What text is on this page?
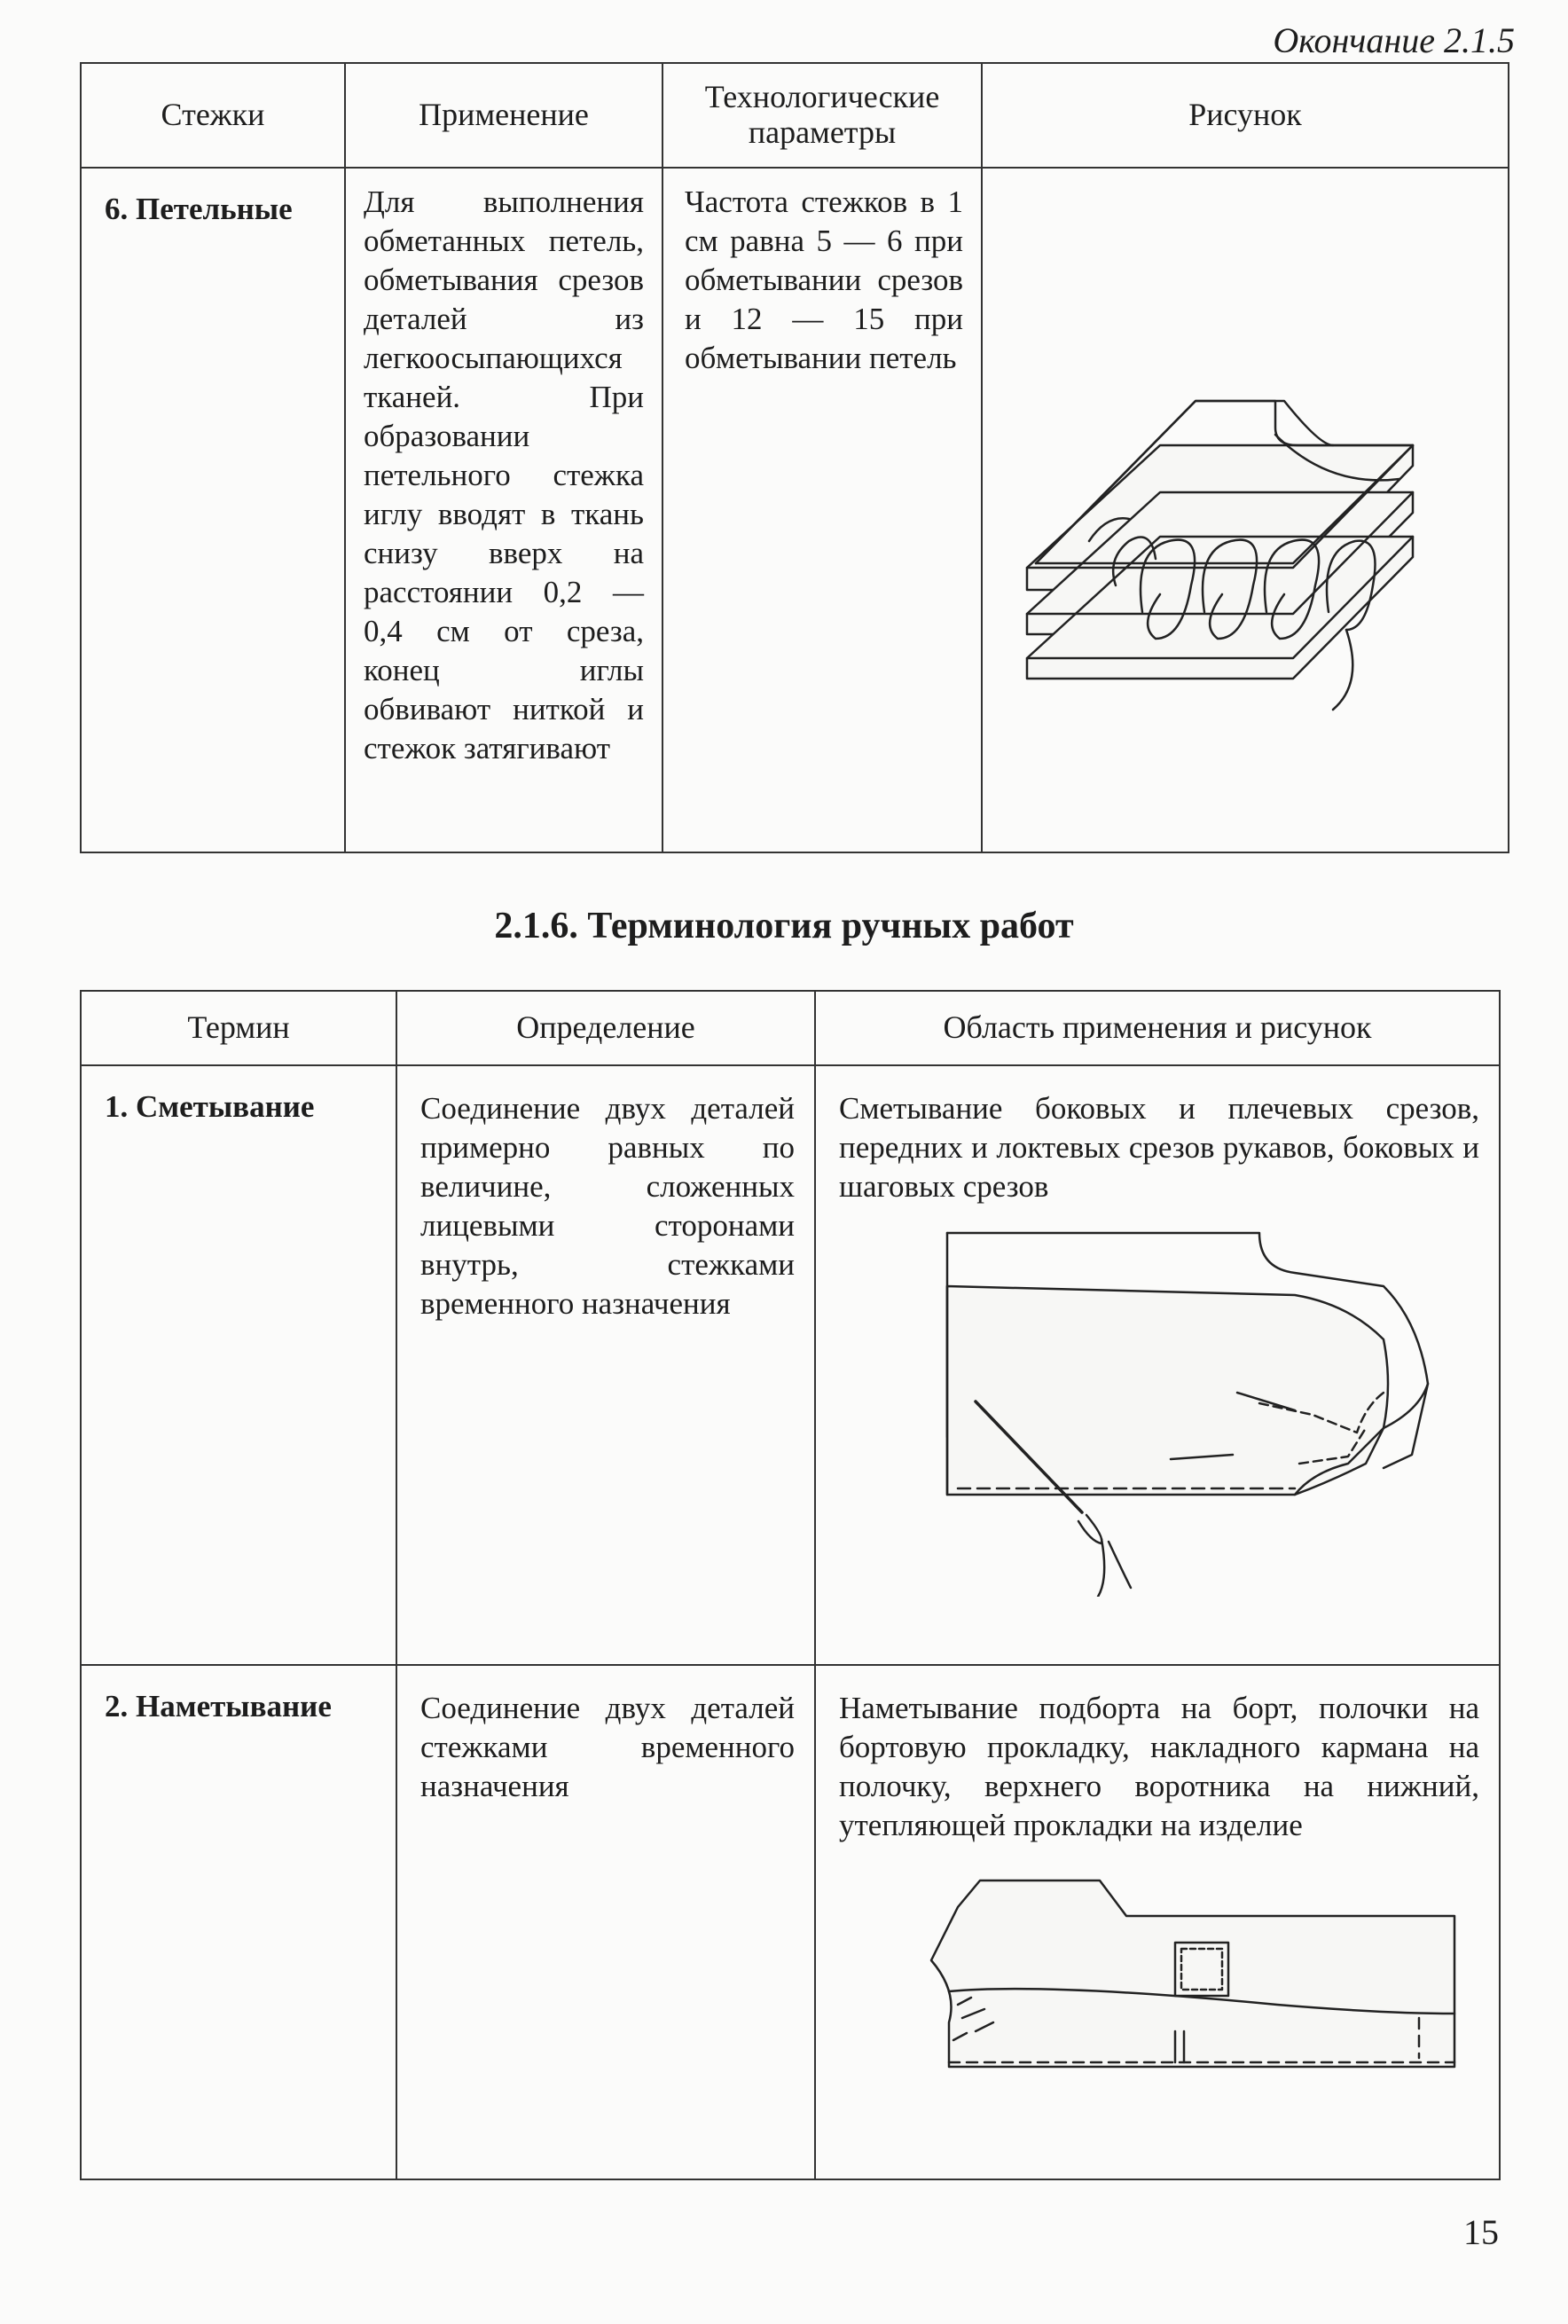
Окончание 2.1.5
Стежки	Применение	Технологические параметры	Рисунок

6. Петельные	Для выполнения обметанных петель, обметывания срезов деталей из легкоосыпающихся тканей. При образовании петельного стежка иглу вводят в ткань снизу вверх на расстоянии 0,2 — 0,4 см от среза, конец иглы обвивают ниткой и стежок затягивают	Частота стежков в 1 см равна 5 — 6 при обметывании срезов и 12 — 15 при обметывании петель

2.1.6. Терминология ручных работ
Термин	Определение	Область применения и рисунок

1. Сметывание	Соединение двух деталей примерно равных по величине, сложенных лицевыми сторонами внутрь, стежками временного назначения	Сметывание боковых и плечевых срезов, передних и локтевых срезов рукавов, боковых и шаговых срезов

2. Наметывание	Соединение двух деталей стежками временного назначения	Наметывание подборта на борт, полочки на бортовую прокладку, накладного кармана на полочку, верхнего воротника на нижний, утепляющей прокладки на изделие
15
